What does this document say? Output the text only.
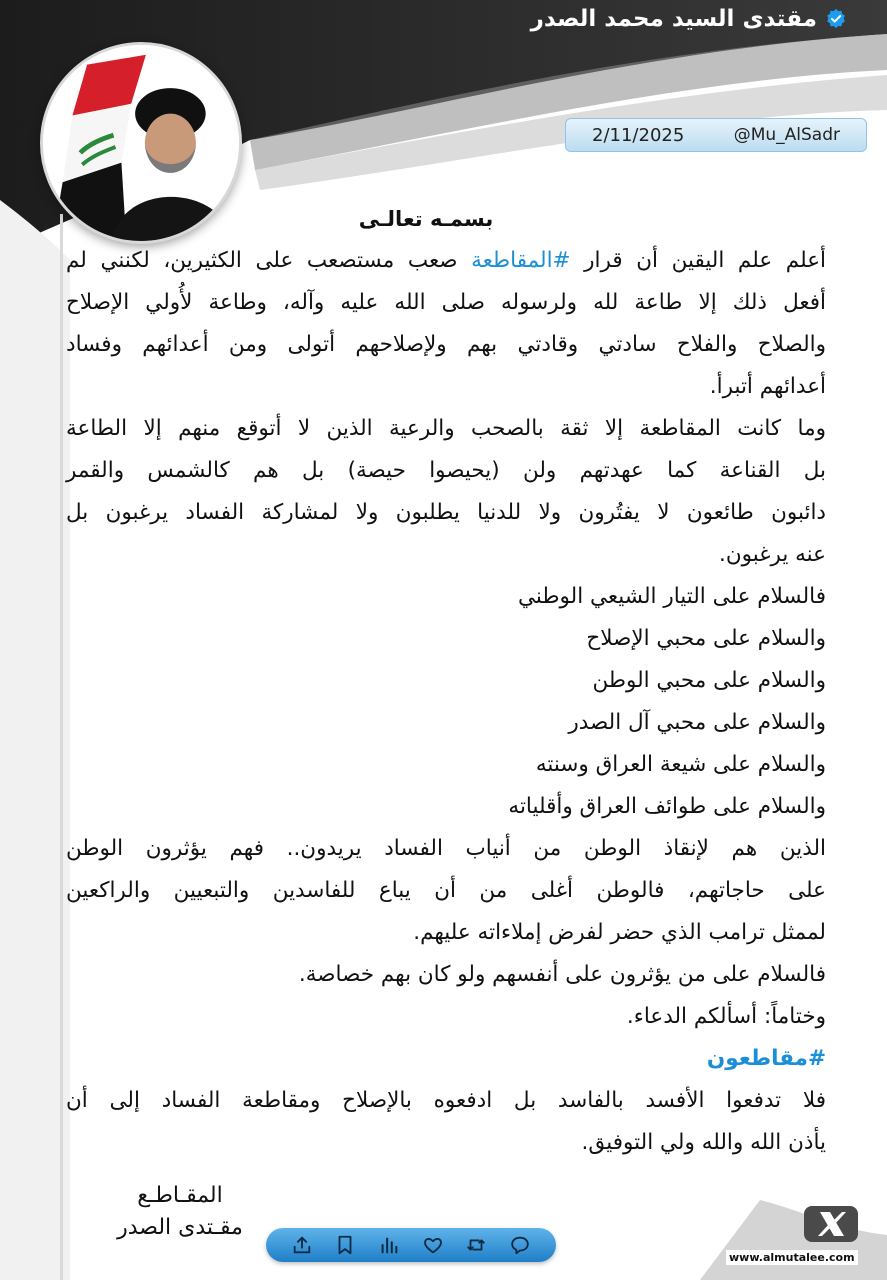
مقتدى السيد محمد الصدر
2/11/2025	@Mu_AlSadr
بسمـه تعالـى
أعلم علم اليقين أن قرار #المقاطعة صعب مستصعب على الكثيرين، لكنني لم
أفعل ذلك إلا طاعة لله ولرسوله صلى الله عليه وآله، وطاعة لأُولي الإصلاح
والصلاح والفلاح سادتي وقادتي بهم ولإصلاحهم أتولى ومن أعدائهم وفساد
أعدائهم أتبرأ.
وما كانت المقاطعة إلا ثقة بالصحب والرعية الذين لا أتوقع منهم إلا الطاعة
بل القناعة كما عهدتهم ولن (يحيصوا حيصة) بل هم كالشمس والقمر
دائبون طائعون لا يفتُرون ولا للدنيا يطلبون ولا لمشاركة الفساد يرغبون بل
عنه يرغبون.
فالسلام على التيار الشيعي الوطني
والسلام على محبي الإصلاح
والسلام على محبي الوطن
والسلام على محبي آل الصدر
والسلام على شيعة العراق وسنته
والسلام على طوائف العراق وأقلياته
الذين هم لإنقاذ الوطن من أنياب الفساد يريدون.. فهم يؤثرون الوطن
على حاجاتهم، فالوطن أغلى من أن يباع للفاسدين والتبعيين والراكعين
لممثل ترامب الذي حضر لفرض إملاءاته عليهم.
فالسلام على من يؤثرون على أنفسهم ولو كان بهم خصاصة.
وختاماً: أسألكم الدعاء.
#مقاطعون
فلا تدفعوا الأفسد بالفاسد بل ادفعوه بالإصلاح ومقاطعة الفساد إلى أن
يأذن الله والله ولي التوفيق.
المقـاطـع
مقـتدى الصدر
www.almutalee.com
